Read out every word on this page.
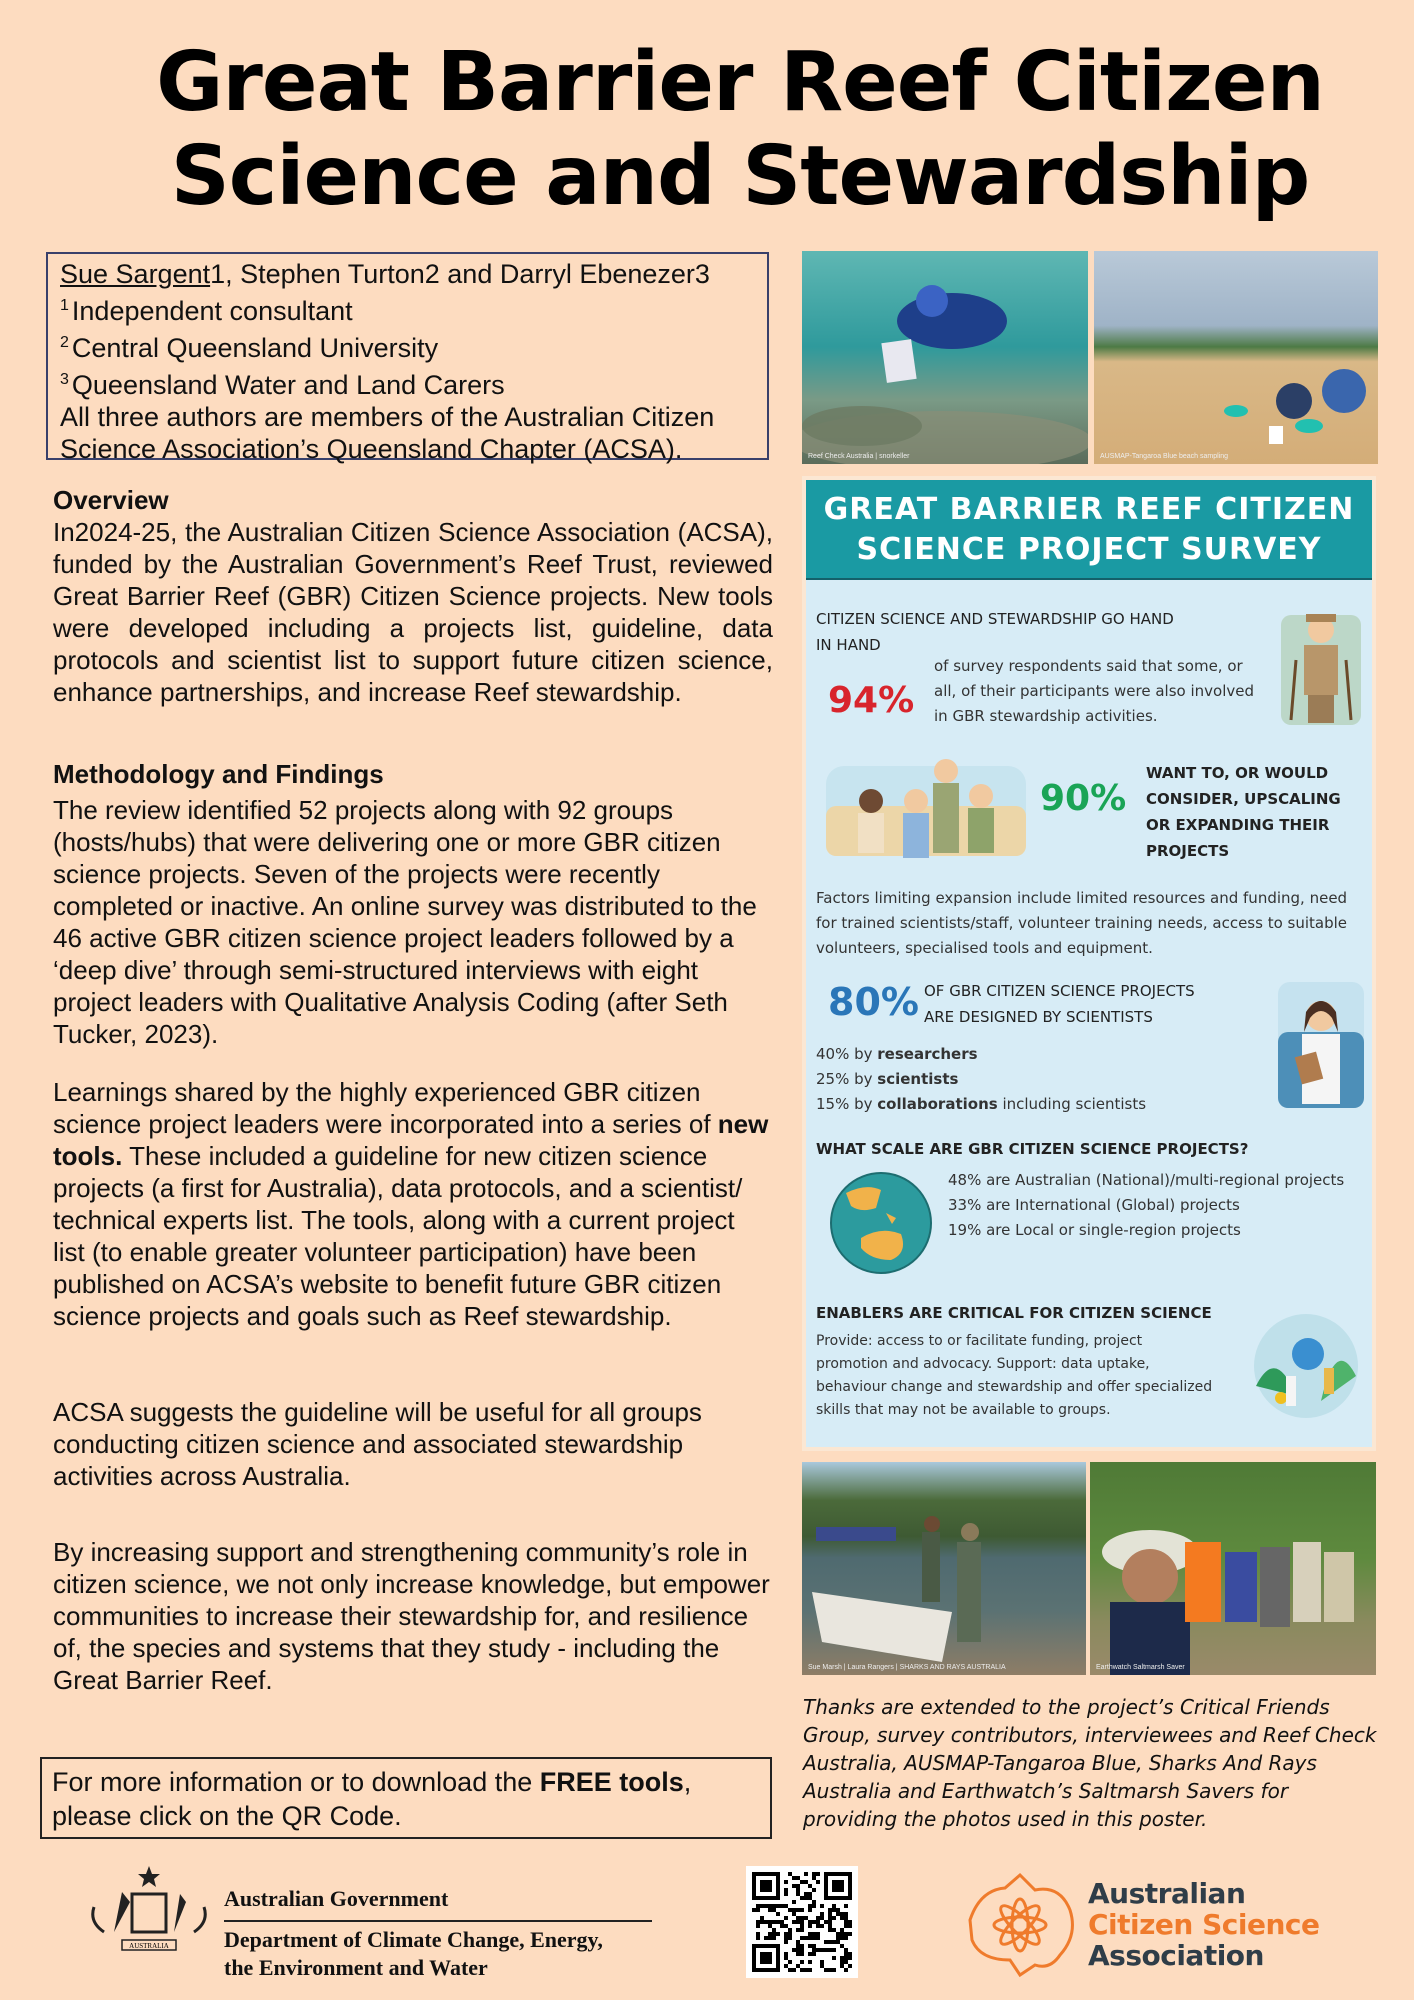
Great Barrier Reef Citizen
Science and Stewardship
Sue Sargent1, Stephen Turton2 and Darryl Ebenezer3
$^1$ Independent consultant
$^2$ Central Queensland University
$^3$ Queensland Water and Land Carers
All three authors are members of the Australian Citizen
Science Association’s Queensland Chapter (ACSA).
Overview

In2024-25, the Australian Citizen Science Association (ACSA), funded by the Australian Government’s Reef Trust, reviewed Great Barrier Reef (GBR) Citizen Science projects. New tools were developed including a projects list, guideline, data protocols and scientist list to support future citizen science, enhance partnerships, and increase Reef stewardship.

Methodology and Findings

The review identified 52 projects along with 92 groups (hosts/hubs) that were delivering one or more GBR citizen science projects. Seven of the projects were recently completed or inactive. An online survey was distributed to the 46 active GBR citizen science project leaders followed by a ‘deep dive’ through semi-structured interviews with eight project leaders with Qualitative Analysis Coding (after Seth Tucker, 2023).

Learnings shared by the highly experienced GBR citizen science project leaders were incorporated into a series of new tools. These included a guideline for new citizen science projects (a first for Australia), data protocols, and a scientist/ technical experts list. The tools, along with a current project list (to enable greater volunteer participation) have been published on ACSA’s website to benefit future GBR citizen science projects and goals such as Reef stewardship.

ACSA suggests the guideline will be useful for all groups conducting citizen science and associated stewardship activities across Australia.

By increasing support and strengthening community’s role in citizen science, we not only increase knowledge, but empower communities to increase their stewardship for, and resilience of, the species and systems that they study - including the Great Barrier Reef.

For more information or to download the FREE tools, please click on the QR Code.
Reef Check Australia | snorkeller	AUSMAP-Tangaroa Blue beach sampling
GREAT BARRIER REEF CITIZEN
SCIENCE PROJECT SURVEY
CITIZEN SCIENCE AND STEWARDSHIP GO HAND
IN HAND
94%
of survey respondents said that some, or all, of their participants were also involved in GBR stewardship activities.
90%
WANT TO, OR WOULD CONSIDER, UPSCALING OR EXPANDING THEIR PROJECTS
Factors limiting expansion include limited resources and funding, need for trained scientists/staff, volunteer training needs, access to suitable volunteers, specialised tools and equipment.
80% OF GBR CITIZEN SCIENCE PROJECTS
ARE DESIGNED BY SCIENTISTS
40% by researchers
25% by scientists
15% by collaborations including scientists
WHAT SCALE ARE GBR CITIZEN SCIENCE PROJECTS?
48% are Australian (National)/multi-regional projects
33% are International (Global) projects
19% are Local or single-region projects
ENABLERS ARE CRITICAL FOR CITIZEN SCIENCE
Provide: access to or facilitate funding, project promotion and advocacy. Support: data uptake, behaviour change and stewardship and offer specialized skills that may not be available to groups.
Sue Marsh | Laura Rangers | SHARKS AND RAYS AUSTRALIA	Earthwatch Saltmarsh Saver
Thanks are extended to the project’s Critical Friends Group, survey contributors, interviewees and Reef Check Australia, AUSMAP-Tangaroa Blue, Sharks And Rays Australia and Earthwatch’s Saltmarsh Savers for providing the photos used in this poster.
AUSTRALIA
Australian Government
Department of Climate Change, Energy,
the Environment and Water
Australian
Citizen Science
Association
